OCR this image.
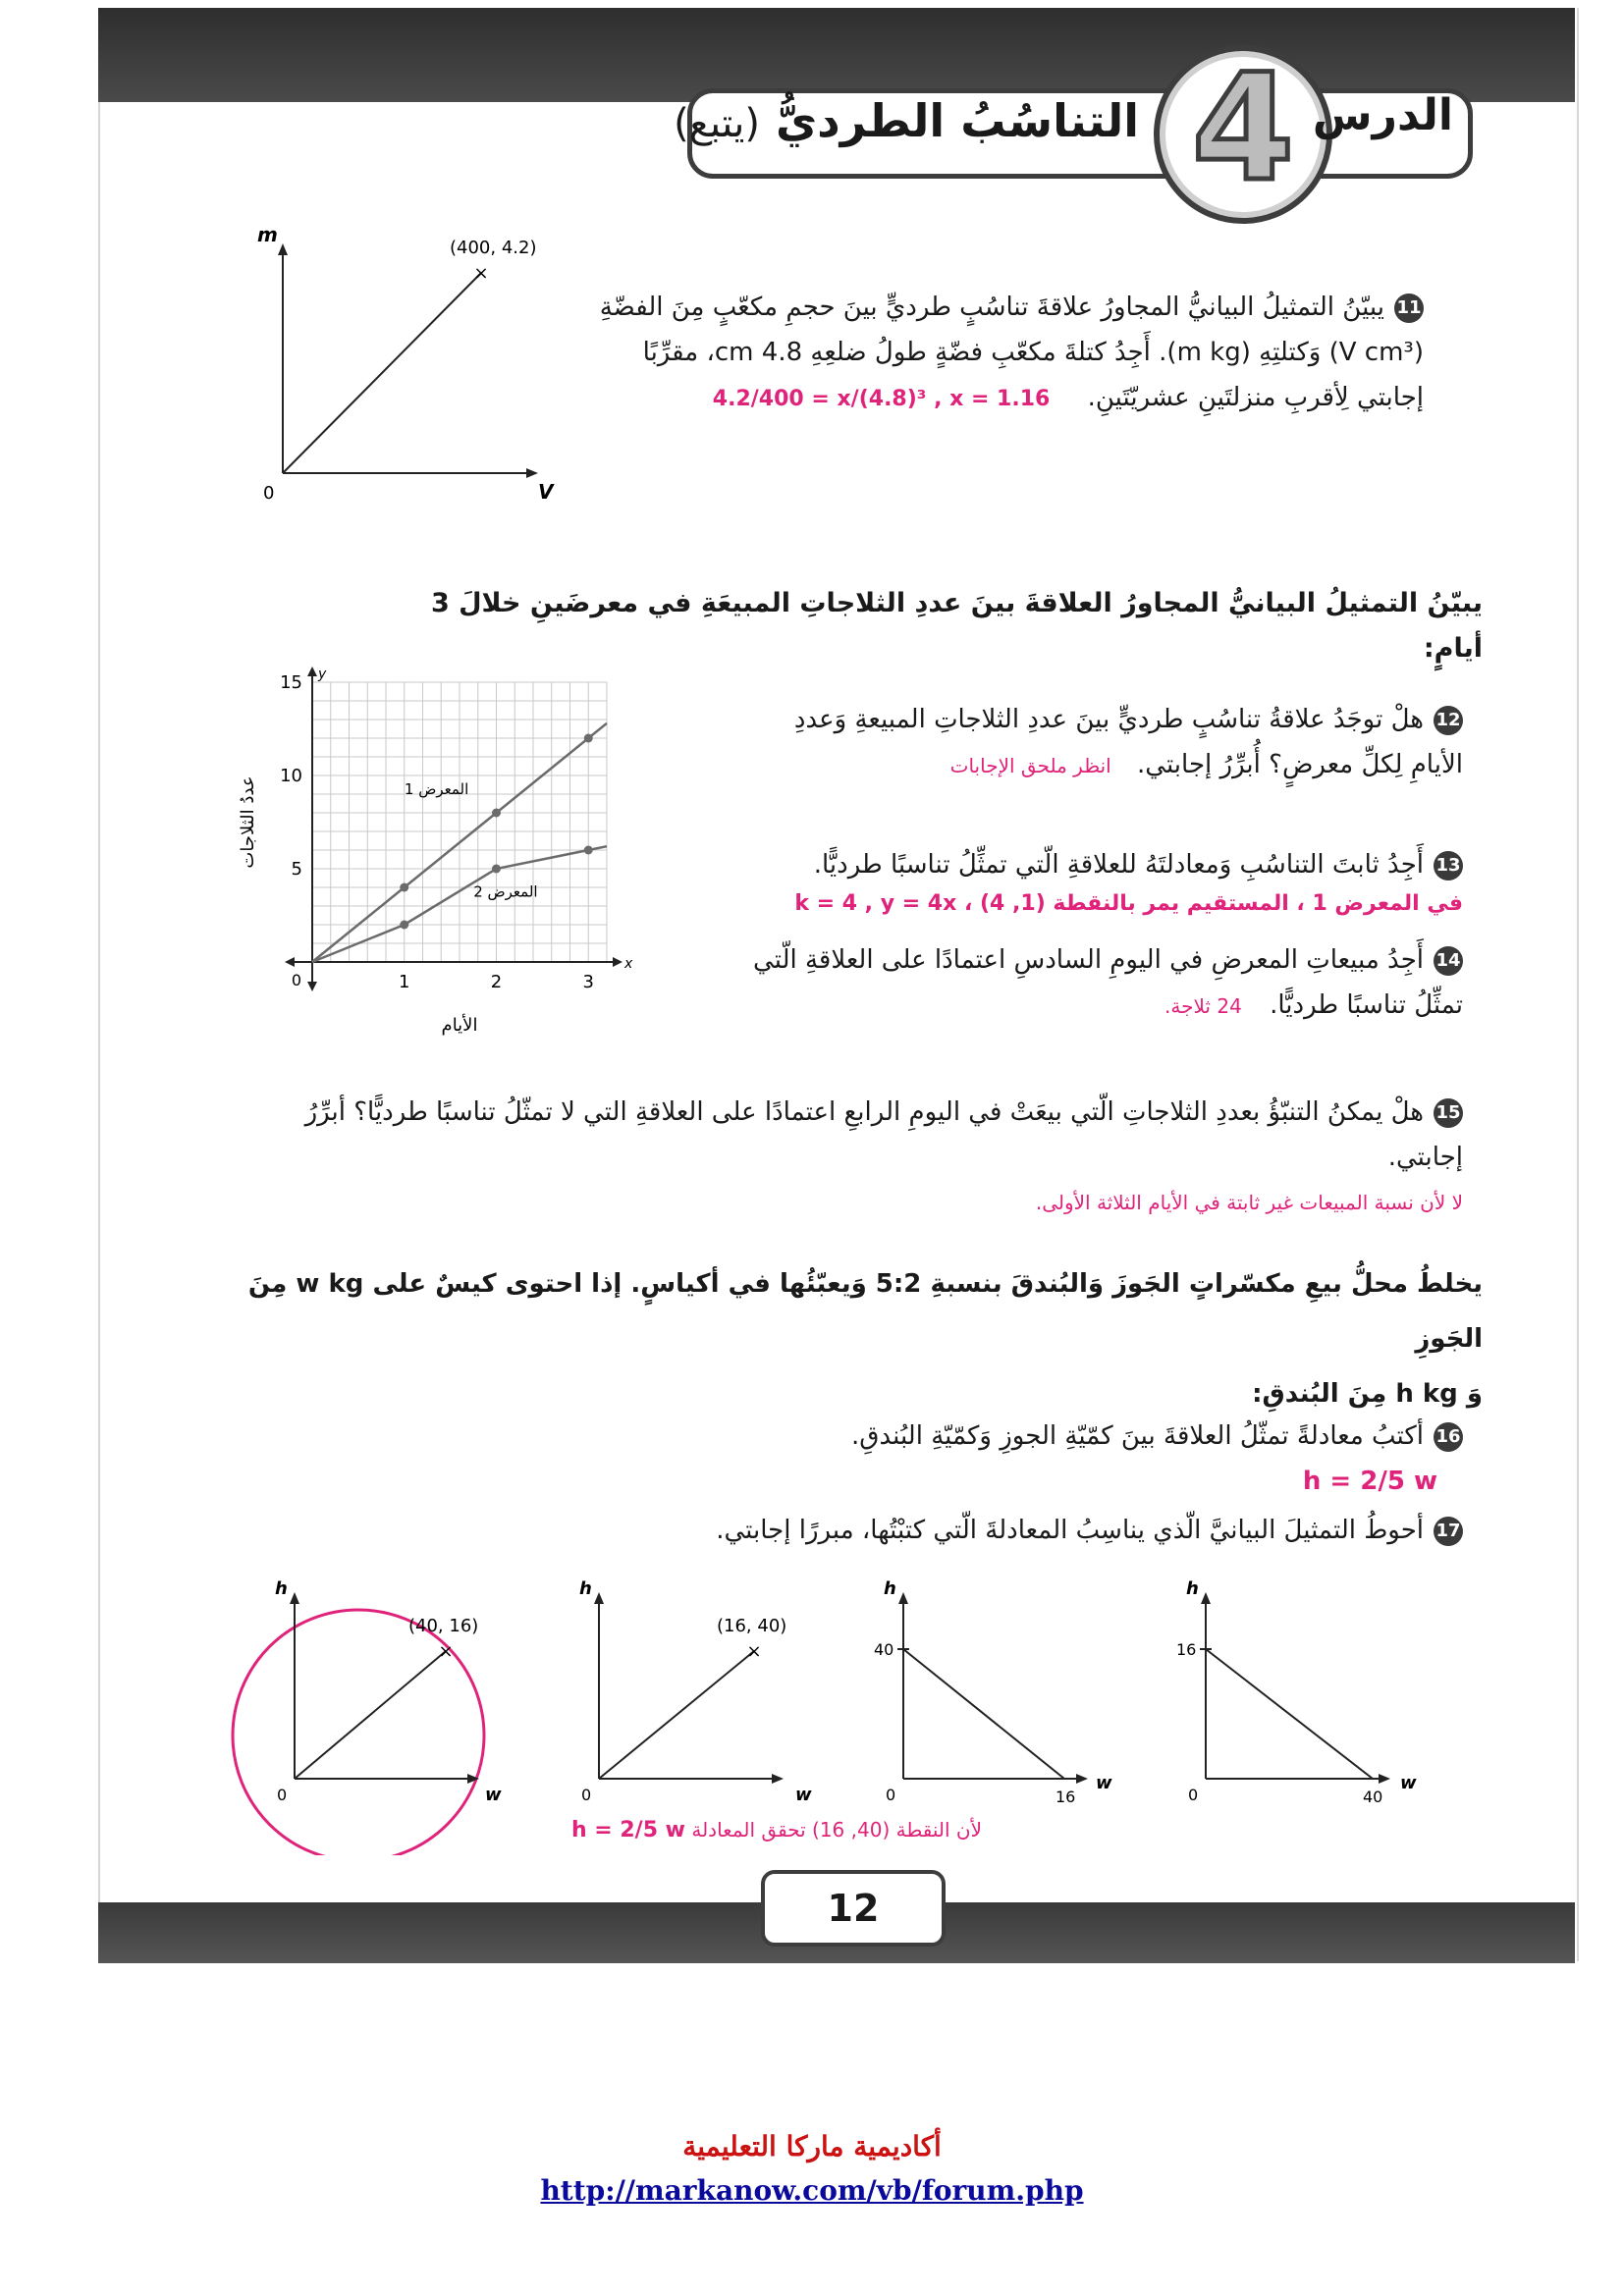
التناسُبُ الطرديُّ (يتبع)	4 الدرس
×
(400, 4.2)
m
V
0
11يبيّنُ التمثيلُ البيانيُّ المجاورُ علاقةَ تناسُبٍ طرديٍّ بينَ حجمِ مكعّبٍ مِنَ الفضّةِ
(V cm³) وَكتلتِهِ (m kg). أَجِدُ كتلةَ مكعّبِ فضّةٍ طولُ ضلعِهِ 4.8 cm، مقرِّبًا
إجابتي لِأقربِ منزلتَينِ عشريّتَينِ. 4.2/400 = x/(4.8)³ , x = 1.16
يبيّنُ التمثيلُ البيانيُّ المجاورُ العلاقةَ بينَ عددِ الثلاجاتِ المبيعَةِ في معرضَينِ خلالَ 3 أيامٍ:
x
y
1	2	3
5
10
15
0
الأيام
عددُ الثلاجات	المعرض 1
المعرض 2
12هلْ توجَدُ علاقةُ تناسُبٍ طرديٍّ بينَ عددِ الثلاجاتِ المبيعةِ وَعددِ
الأيامِ لِكلِّ معرضٍ؟ أُبرِّرُ إجابتي. انظر ملحق الإجابات
13أَجِدُ ثابتَ التناسُبِ وَمعادلتَهُ للعلاقةِ الّتي تمثِّلُ تناسبًا طرديًّا.
في المعرض 1 ، المستقيم يمر بالنقطة (1, 4) ، k = 4 , y = 4x
14أَجِدُ مبيعاتِ المعرضِ في اليومِ السادسِ اعتمادًا على العلاقةِ الّتي
تمثِّلُ تناسبًا طرديًّا. 24 ثلاجة.
15هلْ يمكنُ التنبّؤُ بعددِ الثلاجاتِ الّتي بيعَتْ في اليومِ الرابعِ اعتمادًا على العلاقةِ التي لا تمثّلُ تناسبًا طرديًّا؟ أبرِّرُ إجابتي.
لا لأن نسبة المبيعات غير ثابتة في الأيام الثلاثة الأولى.
يخلطُ محلُّ بيعِ مكسّراتٍ الجَوزَ وَالبُندقَ بنسبةِ 5:2 وَيعبّئُها في أكياسٍ. إذا احتوى كيسٌ على w kg مِنَ الجَوزِ
وَ h kg مِنَ البُندقِ:
16أكتبُ معادلةً تمثّلُ العلاقةَ بينَ كمّيّةِ الجوزِ وَكمّيّةِ البُندقِ. h = 2/5 w
17أحوطُ التمثيلَ البيانيَّ الّذي يناسِبُ المعادلةَ الّتي كتبْتُها، مبررًا إجابتي.
×
(40, 16)
h
w
0
×
(16, 40)
h
w
0
40
16
h
w
0
16
40
h
w
0
لأن النقطة (40, 16) تحقق المعادلة h = 2/5 w
12
أكاديمية ماركا التعليمية
http://markanow.com/vb/forum.php
